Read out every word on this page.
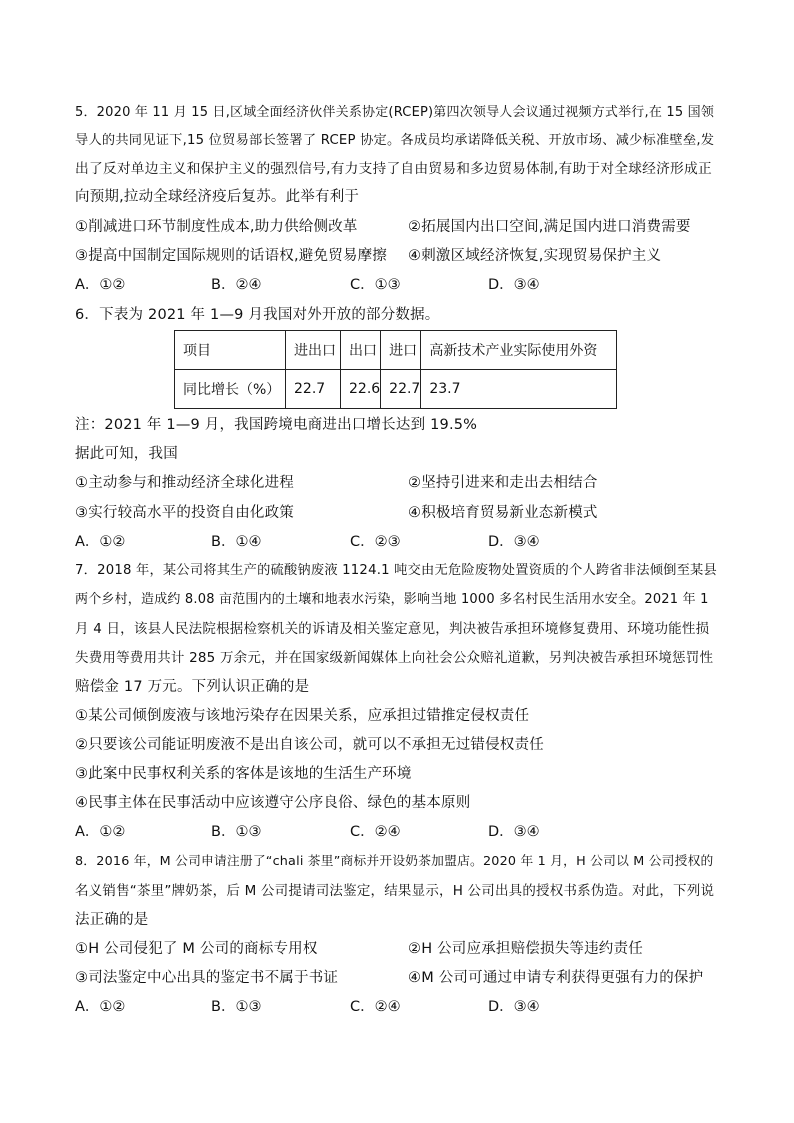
5．2020 年 11 月 15 日,区域全面经济伙伴关系协定(RCEP)第四次领导人会议通过视频方式举行,在 15 国领
导人的共同见证下,15 位贸易部长签署了 RCEP 协定。各成员均承诺降低关税、开放市场、减少标准壁垒,发
出了反对单边主义和保护主义的强烈信号,有力支持了自由贸易和多边贸易体制,有助于对全球经济形成正
向预期,拉动全球经济疫后复苏。此举有利于
①削减进口环节制度性成本,助力供给侧改革	②拓展国内出口空间,满足国内进口消费需要
③提高中国制定国际规则的话语权,避免贸易摩擦 ④刺激区域经济恢复,实现贸易保护主义
A．①②	B．②④	C．①③	D．③④
6．下表为 2021 年 1—9 月我国对外开放的部分数据。
项目	进出口	出口	进口	高新技术产业实际使用外资
同比增长（%）	22.7	22.6	22.7	23.7
注：2021 年 1—9 月，我国跨境电商进出口增长达到 19.5%
据此可知，我国
①主动参与和推动经济全球化进程	②坚持引进来和走出去相结合
③实行较高水平的投资自由化政策	④积极培育贸易新业态新模式
A．①②	B．①④	C．②③	D．③④
7．2018 年，某公司将其生产的硫酸钠废液 1124.1 吨交由无危险废物处置资质的个人跨省非法倾倒至某县
两个乡村，造成约 8.08 亩范围内的土壤和地表水污染，影响当地 1000 多名村民生活用水安全。2021 年 1
月 4 日，该县人民法院根据检察机关的诉请及相关鉴定意见，判决被告承担环境修复费用、环境功能性损
失费用等费用共计 285 万余元，并在国家级新闻媒体上向社会公众赔礼道歉，另判决被告承担环境惩罚性
赔偿金 17 万元。下列认识正确的是
①某公司倾倒废液与该地污染存在因果关系，应承担过错推定侵权责任
②只要该公司能证明废液不是出自该公司，就可以不承担无过错侵权责任
③此案中民事权利关系的客体是该地的生活生产环境
④民事主体在民事活动中应该遵守公序良俗、绿色的基本原则
A．①②	B．①③	C．②④	D．③④
8．2016 年，M 公司申请注册了“chali 茶里”商标并开设奶茶加盟店。2020 年 1 月，H 公司以 M 公司授权的
名义销售“茶里”牌奶茶，后 M 公司提请司法鉴定，结果显示，H 公司出具的授权书系伪造。对此，下列说
法正确的是
①H 公司侵犯了 M 公司的商标专用权	②H 公司应承担赔偿损失等违约责任
③司法鉴定中心出具的鉴定书不属于书证	④M 公司可通过申请专利获得更强有力的保护
A．①②	B．①③	C．②④	D．③④
